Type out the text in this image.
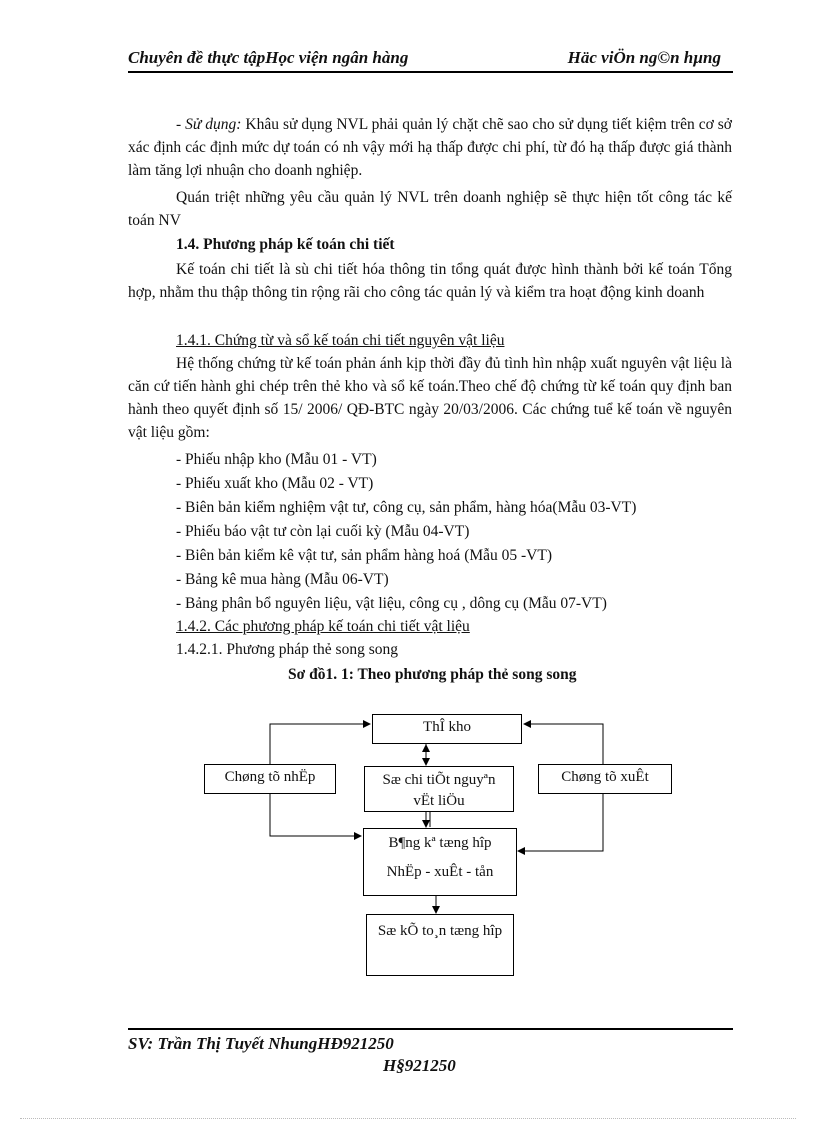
Chuyên đề thực tậpHọc viện ngân hàng	Häc viÖn ng©n hµng
- Sử dụng: Khâu sử dụng NVL phải quản lý chặt chẽ sao cho sử dụng tiết kiệm trên cơ sở xác định các định mức dự toán có nh vậy mới hạ thấp được chi phí, từ đó hạ thấp được giá thành làm tăng lợi nhuận cho doanh nghiệp.
Quán triệt những yêu cầu quản lý NVL trên doanh nghiệp sẽ thực hiện tốt công tác kế toán NV
1.4. Phương pháp kế toán chi tiết
Kế toán chi tiết là sù chi tiết hóa thông tin tổng quát được hình thành bởi kế toán Tổng hợp, nhằm thu thập thông tin rộng rãi cho công tác quản lý và kiểm tra hoạt động kinh doanh
1.4.1. Chứng từ và sổ kế toán chi tiết nguyên vật liệu
Hệ thống chứng từ kế toán phản ánh kịp thời đầy đủ tình hìn nhập xuất nguyên vật liệu là căn cứ tiến hành ghi chép trên thẻ kho và sổ kế toán.Theo chế độ chứng từ kế toán quy định ban hành theo quyết định số 15/ 2006/ QĐ-BTC ngày 20/03/2006. Các chứng tuể kế toán về nguyên vật liệu gồm:
- Phiếu nhập kho (Mẫu 01 - VT)
- Phiếu xuất kho (Mẫu 02 - VT)
- Biên bản kiểm nghiệm vật tư, công cụ, sản phẩm, hàng hóa(Mẫu 03-VT)
- Phiếu báo vật tư còn lại cuối kỳ (Mẫu 04-VT)
- Biên bản kiểm kê vật tư, sản phẩm hàng hoá (Mẫu 05 -VT)
- Bảng kê mua hàng (Mẫu 06-VT)
- Bảng phân bổ nguyên liệu, vật liệu, công cụ , dông cụ (Mẫu 07-VT)
1.4.2. Các phương pháp kế toán chi tiết vật liệu
1.4.2.1. Phương pháp thẻ song song
Sơ đồ1. 1: Theo phương pháp thẻ song song
ThÎ kho
Chøng tõ nhËp	Sæ chi tiÕt nguyªn vËt liÖu
Chøng tõ xuÊt
B¶ng kª tæng hîp
NhËp - xuÊt - tån
Sæ kÕ to¸n tæng hîp
SV: Trần Thị Tuyết NhungHĐ921250
H§921250
